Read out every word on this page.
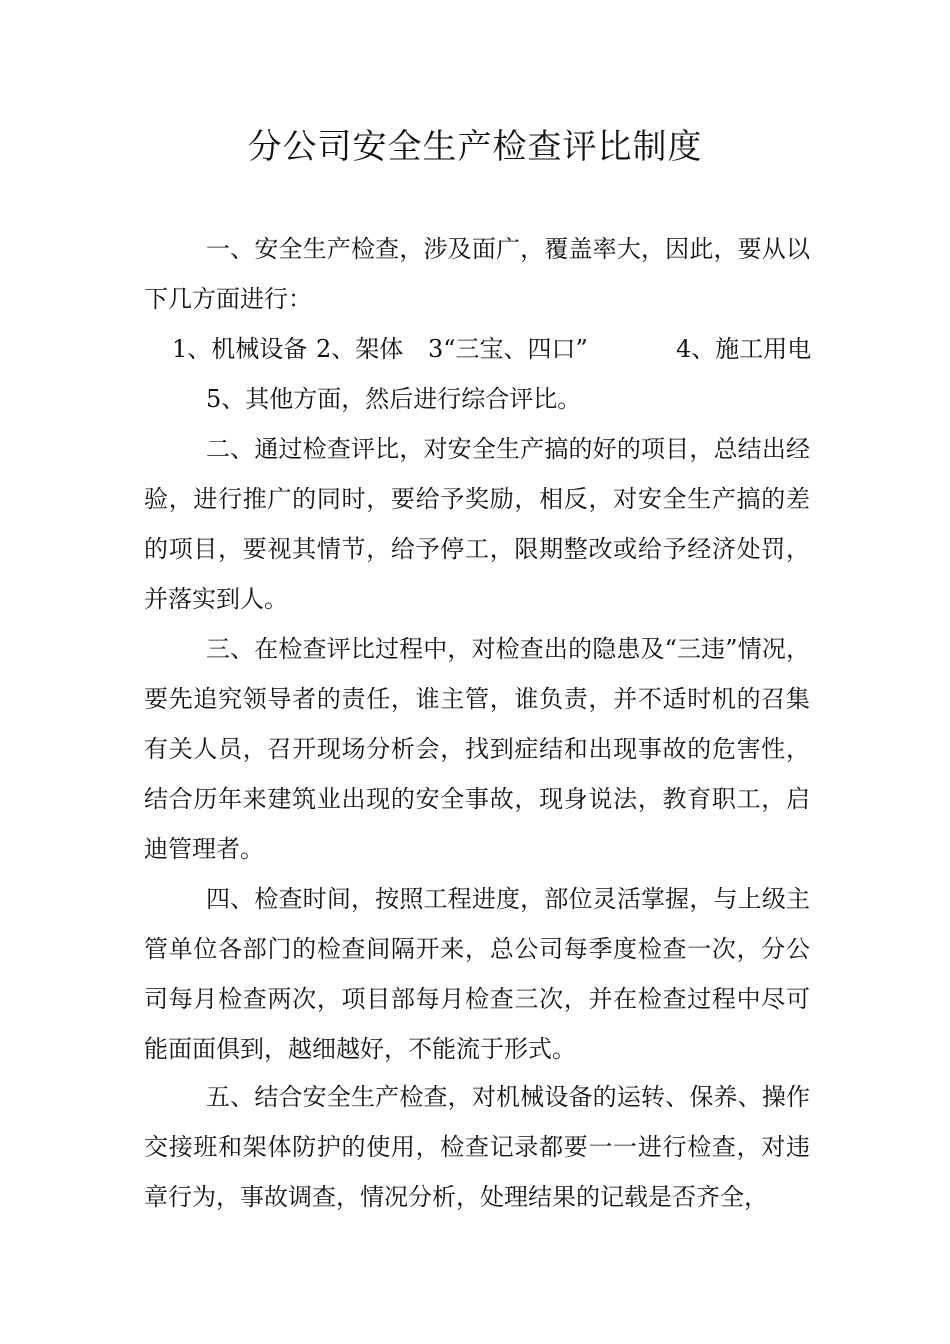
分公司安全生产检查评比制度

一、安全生产检查，涉及面广，覆盖率大，因此，要从以下几方面进行：

1、机械设备 2、架体 3“三宝、四口”	4、施工用电
5、其他方面，然后进行综合评比。

二、通过检查评比，对安全生产搞的好的项目，总结出经验，进行推广的同时，要给予奖励，相反，对安全生产搞的差的项目，要视其情节，给予停工，限期整改或给予经济处罚，并落实到人。

三、在检查评比过程中，对检查出的隐患及“三违”情况，要先追究领导者的责任，谁主管，谁负责，并不适时机的召集有关人员，召开现场分析会，找到症结和出现事故的危害性，结合历年来建筑业出现的安全事故，现身说法，教育职工，启迪管理者。

四、检查时间，按照工程进度，部位灵活掌握，与上级主管单位各部门的检查间隔开来，总公司每季度检查一次，分公司每月检查两次，项目部每月检查三次，并在检查过程中尽可能面面俱到，越细越好，不能流于形式。

五、结合安全生产检查，对机械设备的运转、保养、操作交接班和架体防护的使用，检查记录都要一一进行检查，对违章行为，事故调查，情况分析，处理结果的记载是否齐全，
